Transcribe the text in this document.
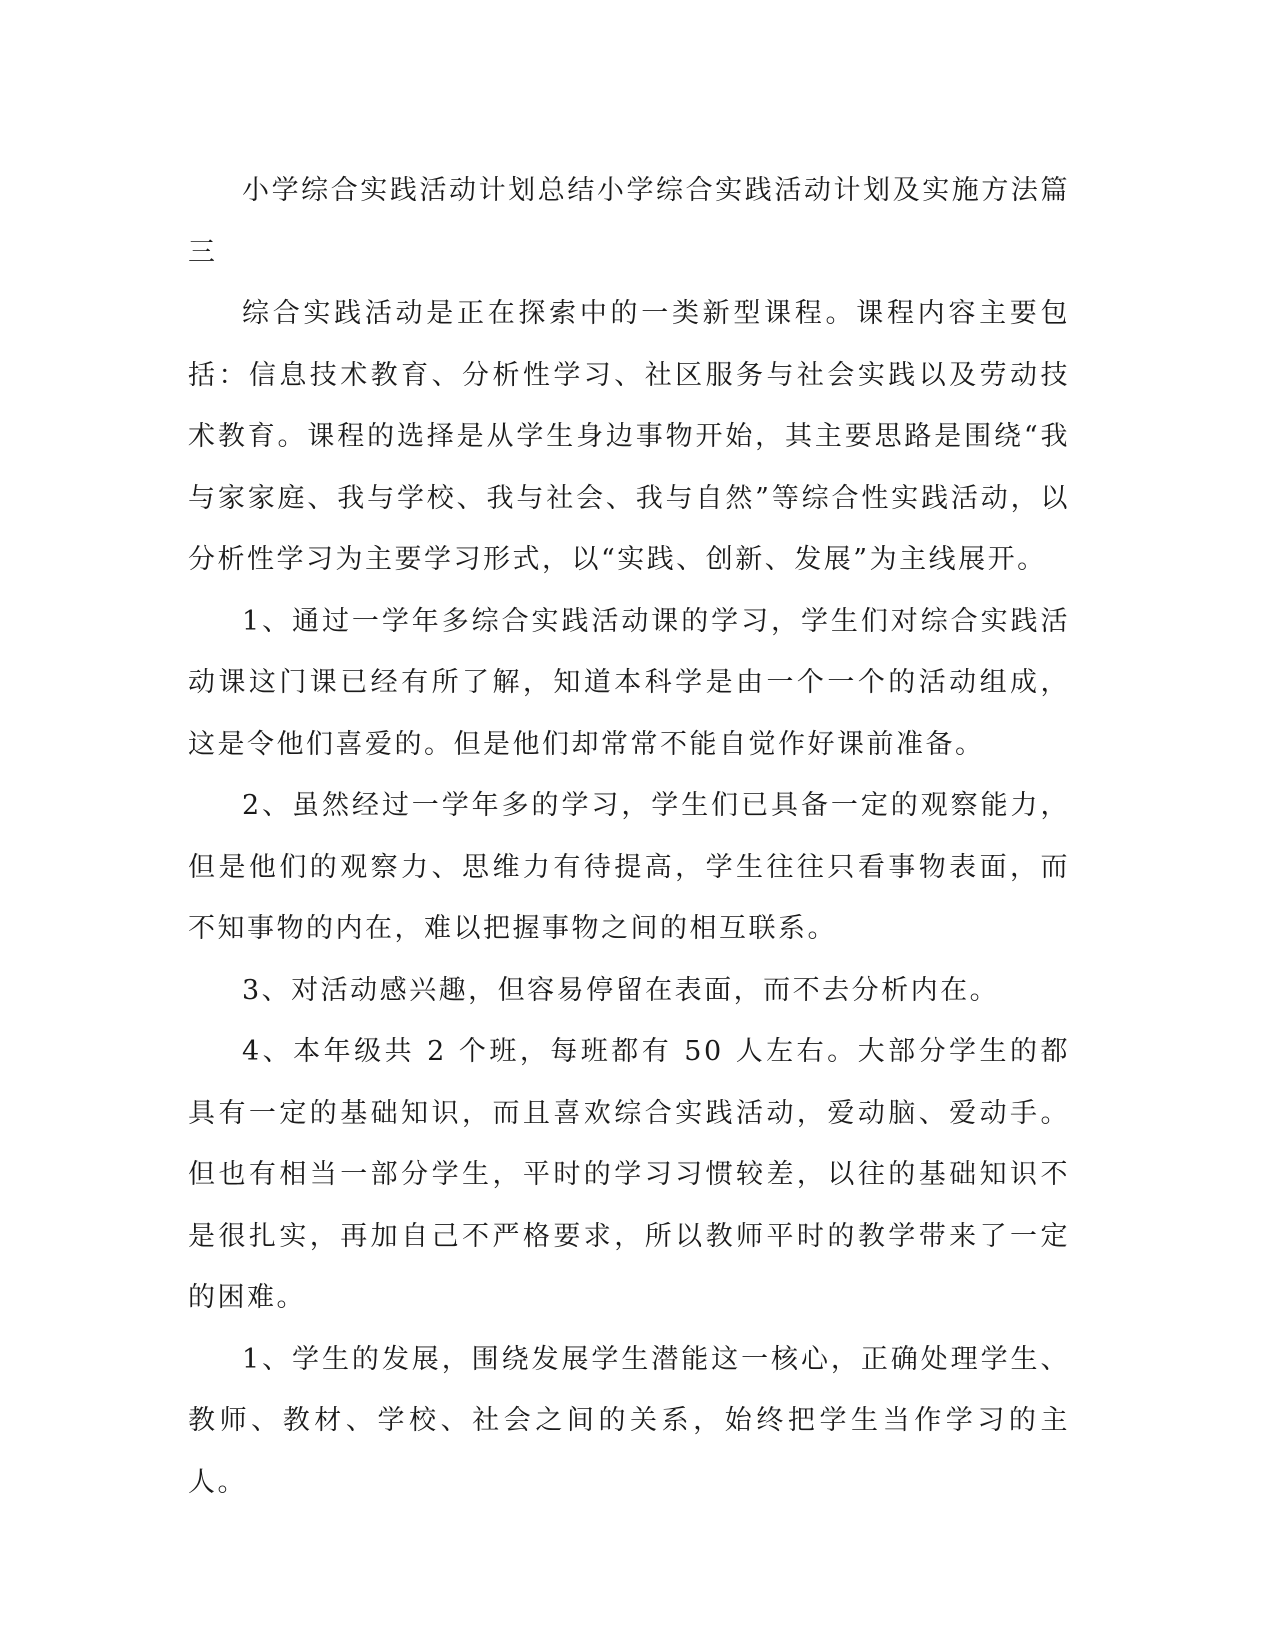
小学综合实践活动计划总结小学综合实践活动计划及实施方法篇三

综合实践活动是正在探索中的一类新型课程。课程内容主要包括：信息技术教育、分析性学习、社区服务与社会实践以及劳动技术教育。课程的选择是从学生身边事物开始，其主要思路是围绕“我与家家庭、我与学校、我与社会、我与自然”等综合性实践活动，以分析性学习为主要学习形式，以“实践、创新、发展”为主线展开。

1、通过一学年多综合实践活动课的学习，学生们对综合实践活动课这门课已经有所了解，知道本科学是由一个一个的活动组成，这是令他们喜爱的。但是他们却常常不能自觉作好课前准备。

2、虽然经过一学年多的学习，学生们已具备一定的观察能力，但是他们的观察力、思维力有待提高，学生往往只看事物表面，而不知事物的内在，难以把握事物之间的相互联系。

3、对活动感兴趣，但容易停留在表面，而不去分析内在。

4、本年级共 2 个班，每班都有 50 人左右。大部分学生的都具有一定的基础知识，而且喜欢综合实践活动，爱动脑、爱动手。但也有相当一部分学生，平时的学习习惯较差，以往的基础知识不是很扎实，再加自己不严格要求，所以教师平时的教学带来了一定的困难。

1、学生的发展，围绕发展学生潜能这一核心，正确处理学生、教师、教材、学校、社会之间的关系，始终把学生当作学习的主人。
